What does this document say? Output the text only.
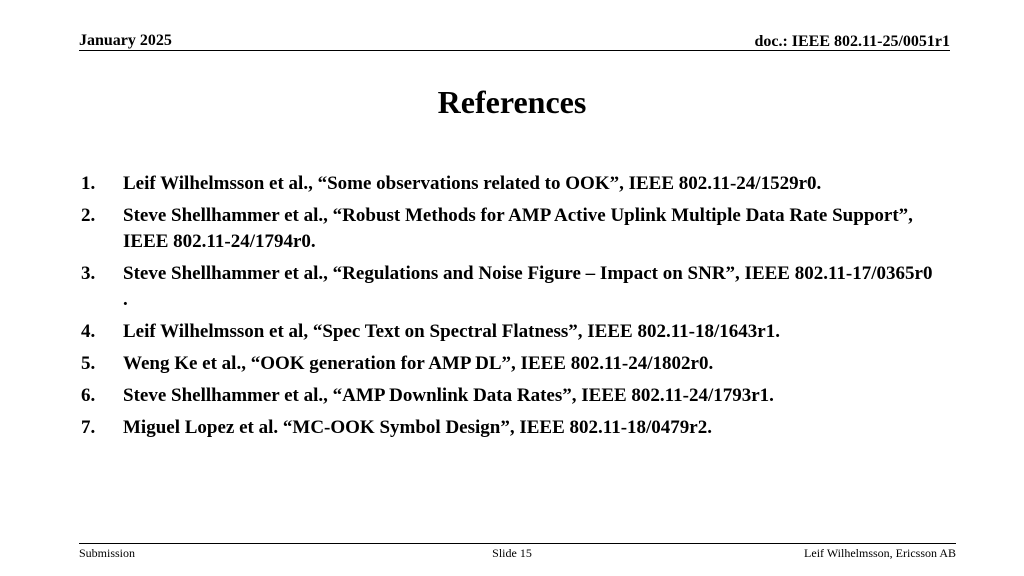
January 2025	doc.: IEEE 802.11-25/0051r1
References
1.	Leif Wilhelmsson et al., “Some observations related to OOK”, IEEE 802.11-24/1529r0.
2.	Steve Shellhammer et al., “Robust Methods for AMP Active Uplink Multiple Data Rate Support”, IEEE 802.11-24/1794r0.
3.	Steve Shellhammer et al., “Regulations and Noise Figure – Impact on SNR”, IEEE 802.11-17/0365r0 .
4.	Leif Wilhelmsson et al, “Spec Text on Spectral Flatness”, IEEE 802.11-18/1643r1.
5.	Weng Ke et al., “OOK generation for AMP DL”, IEEE 802.11-24/1802r0.
6.	Steve Shellhammer et al., “AMP Downlink Data Rates”, IEEE 802.11-24/1793r1.
7.	Miguel Lopez et al. “MC-OOK Symbol Design”, IEEE 802.11-18/0479r2.
Submission	Slide 15	Leif Wilhelmsson, Ericsson AB
